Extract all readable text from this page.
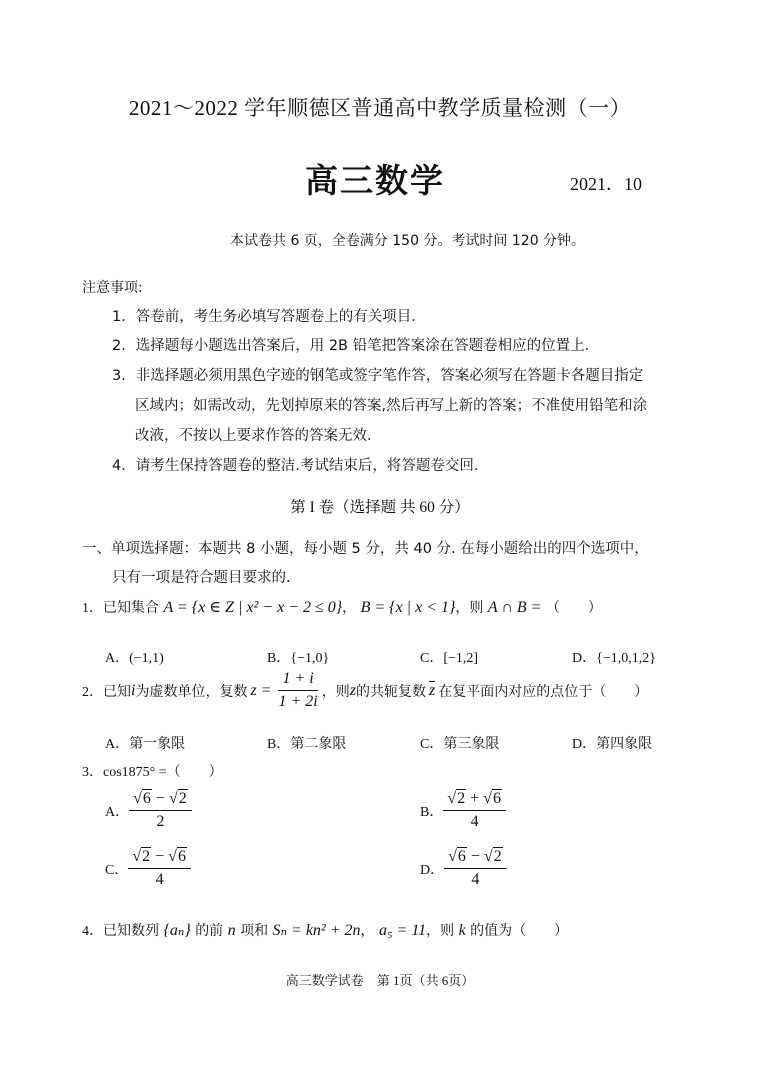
2021～2022 学年顺德区普通高中教学质量检测（一）
高三数学	2021．10
本试卷共 6 页，全卷满分 150 分。考试时间 120 分钟。
注意事项:
1．答卷前，考生务必填写答题卷上的有关项目．
2．选择题每小题选出答案后，用 2B 铅笔把答案涂在答题卷相应的位置上．
3．非选择题必须用黑色字迹的钢笔或签字笔作答，答案必须写在答题卡各题目指定
区域内；如需改动，先划掉原来的答案,然后再写上新的答案；不准使用铅笔和涂
改液，不按以上要求作答的答案无效．
4．请考生保持答题卷的整洁.考试结束后，将答题卷交回.
第 I 卷（选择题 共 60 分）
一、单项选择题：本题共 8 小题，每小题 5 分，共 40 分. 在每小题给出的四个选项中，
只有一项是符合题目要求的.
1．已知集合 A = {x ∈ Z | x² − x − 2 ≤ 0}， B = {x | x < 1}，则 A ∩ B = （　　）
A．(−1,1)	B．{−1,0}	C．[−1,2]	D．{−1,0,1,2}
2．已知 i 为虚数单位，复数 $z = \frac{1 + i}{1 + 2i}$ ，则 z 的共轭复数 $\overline{z}$ 在复平面内对应的点位于（　　）
A．第一象限	B．第二象限	C．第三象限	D．第四象限
3．cos1875° =（　　）
A． $\frac{√6 - √2}{2}$	B． $\frac{√2 + √6}{4}$
C． $\frac{√2 - √6}{4}$	D． $\frac{√6 - √2}{4}$
4．已知数列 {aₙ} 的前 n 项和 Sₙ = kn² + 2n， a₅ = 11，则 k 的值为（　　）
高三数学试卷　第 1页（共 6页）
